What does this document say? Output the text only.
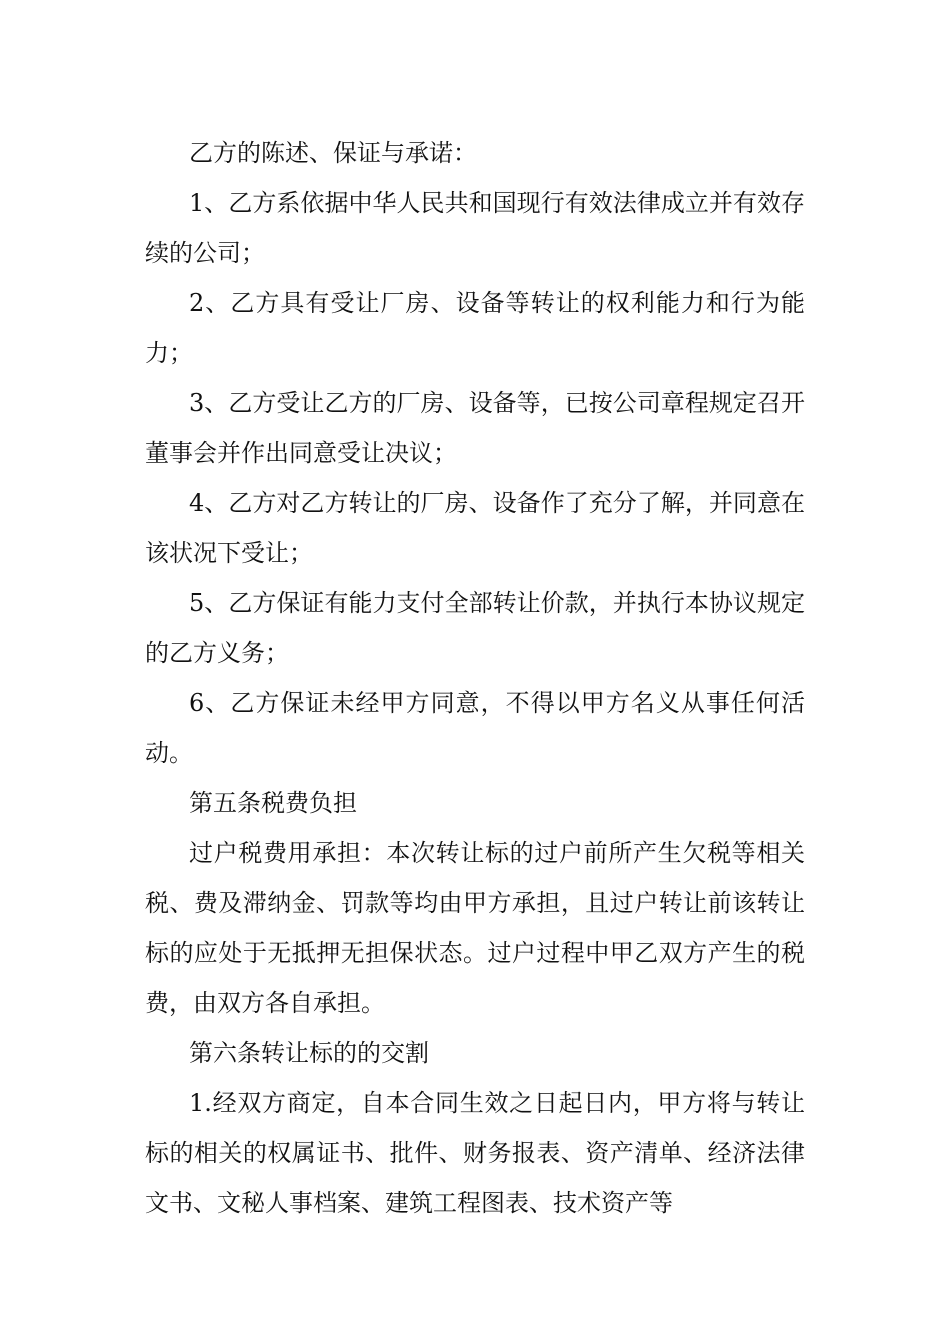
乙方的陈述、保证与承诺：

1、乙方系依据中华人民共和国现行有效法律成立并有效存续的公司；

2、乙方具有受让厂房、设备等转让的权利能力和行为能力；

3、乙方受让乙方的厂房、设备等，已按公司章程规定召开董事会并作出同意受让决议；

4、乙方对乙方转让的厂房、设备作了充分了解，并同意在该状况下受让；

5、乙方保证有能力支付全部转让价款，并执行本协议规定的乙方义务；

6、乙方保证未经甲方同意，不得以甲方名义从事任何活动。

第五条税费负担

过户税费用承担：本次转让标的过户前所产生欠税等相关税、费及滞纳金、罚款等均由甲方承担，且过户转让前该转让标的应处于无抵押无担保状态。过户过程中甲乙双方产生的税费，由双方各自承担。

第六条转让标的的交割

1.经双方商定，自本合同生效之日起日内，甲方将与转让标的相关的权属证书、批件、财务报表、资产清单、经济法律文书、文秘人事档案、建筑工程图表、技术资产等
